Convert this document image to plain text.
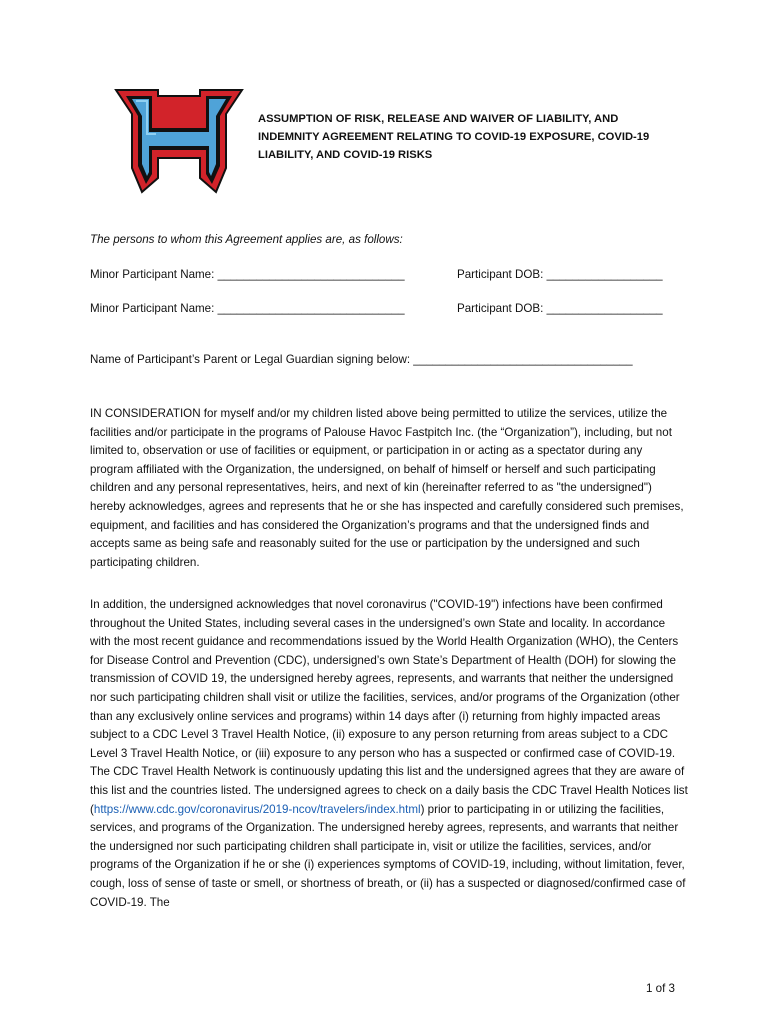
ASSUMPTION OF RISK, RELEASE AND WAIVER OF LIABILITY, AND
INDEMNITY AGREEMENT RELATING TO COVID-19 EXPOSURE, COVID-19
LIABILITY, AND COVID-19 RISKS

The persons to whom this Agreement applies are, as follows:

Minor Participant Name: _____________________________	Participant DOB: __________________
Minor Participant Name: _____________________________	Participant DOB: __________________
Name of Participant’s Parent or Legal Guardian signing below: __________________________________

IN CONSIDERATION for myself and/or my children listed above being permitted to utilize the services, utilize the facilities and/or participate in the programs of Palouse Havoc Fastpitch Inc. (the “Organization”), including, but not limited to, observation or use of facilities or equipment, or participation in or acting as a spectator during any program affiliated with the Organization, the undersigned, on behalf of himself or herself and such participating children and any personal representatives, heirs, and next of kin (hereinafter referred to as "the undersigned") hereby acknowledges, agrees and represents that he or she has inspected and carefully considered such premises, equipment, and facilities and has considered the Organization’s programs and that the undersigned finds and accepts same as being safe and reasonably suited for the use or participation by the undersigned and such participating children.

In addition, the undersigned acknowledges that novel coronavirus ("COVID-19") infections have been confirmed throughout the United States, including several cases in the undersigned’s own State and locality. In accordance with the most recent guidance and recommendations issued by the World Health Organization (WHO), the Centers for Disease Control and Prevention (CDC), undersigned’s own State’s Department of Health (DOH) for slowing the transmission of COVID 19, the undersigned hereby agrees, represents, and warrants that neither the undersigned nor such participating children shall visit or utilize the facilities, services, and/or programs of the Organization (other than any exclusively online services and programs) within 14 days after (i) returning from highly impacted areas subject to a CDC Level 3 Travel Health Notice, (ii) exposure to any person returning from areas subject to a CDC Level 3 Travel Health Notice, or (iii) exposure to any person who has a suspected or confirmed case of COVID-19. The CDC Travel Health Network is continuously updating this list and the undersigned agrees that they are aware of this list and the countries listed. The undersigned agrees to check on a daily basis the CDC Travel Health Notices list (https://www.cdc.gov/coronavirus/2019-ncov/travelers/index.html) prior to participating in or utilizing the facilities, services, and programs of the Organization. The undersigned hereby agrees, represents, and warrants that neither the undersigned nor such participating children shall participate in, visit or utilize the facilities, services, and/or programs of the Organization if he or she (i) experiences symptoms of COVID-19, including, without limitation, fever, cough, loss of sense of taste or smell, or shortness of breath, or (ii) has a suspected or diagnosed/confirmed case of COVID-19. The

1 of 3
